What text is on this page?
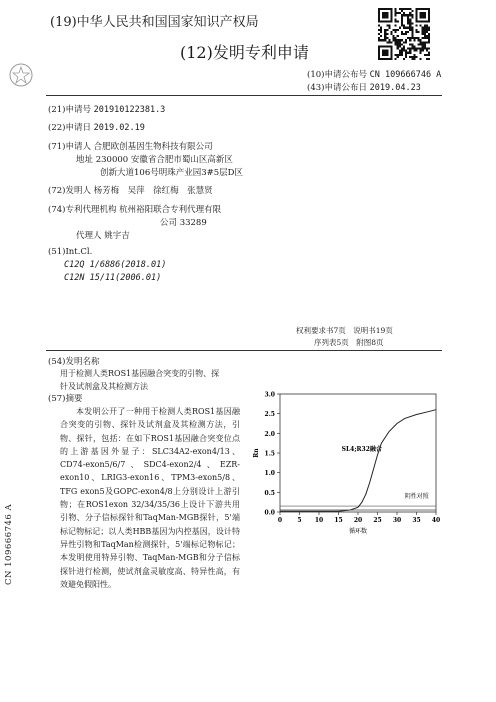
(19)中华人民共和国国家知识产权局
(12)发明专利申请
(10)申请公布号 CN 109666746 A
(43)申请公布日 2019.04.23
(21)申请号 201910122381.3
(22)申请日 2019.02.19
(71)申请人 合肥欧创基因生物科技有限公司
地址 230000 安徽省合肥市蜀山区高新区
创新大道106号明珠产业园3#5层D区
(72)发明人 杨芳梅　吴萍　徐红梅　张慧贤
(74)专利代理机构 杭州裕阳联合专利代理有限
公司 33289
代理人 姚宇吉
(51)Int.Cl.
C12Q 1/6886(2018.01)
C12N 15/11(2006.01)
权利要求书7页　说明书19页
序列表5页　附图8页
(54)发明名称
用于检测人类ROS1基因融合突变的引物、探
针及试剂盒及其检测方法
(57)摘要
本发明公开了一种用于检测人类ROS1基因融合突变的引物、探针及试剂盒及其检测方法，引物、探针，包括：在如下ROS1基因融合突变位点的上游基因外显子：SLC34A2-exon4/13、CD74-exon5/6/7、SDC4-exon2/4、EZR-exon10、LRIG3-exon16、TPM3-exon5/8、TFG exon5及GOPC-exon4/8上分别设计上游引物；在ROS1exon 32/34/35/36上设计下游共用引物、分子信标探针和TaqMan-MGB探针，5'端标记物标记；以人类HBB基因为内控基因，设计特异性引物和TaqMan检测探针，5'端标记物标记；本发明使用特异引物、TaqMan-MGB和分子信标探针进行检测，使试剂盒灵敏度高、特异性高，有效避免假阳性。
0.0
0.5
1.0
1.5
2.0
2.5
3.0
0	5 10 15 20 25 30 35 40
循环数
Rn	SL4;R32融合
阴性对照
CN 109666746 A
